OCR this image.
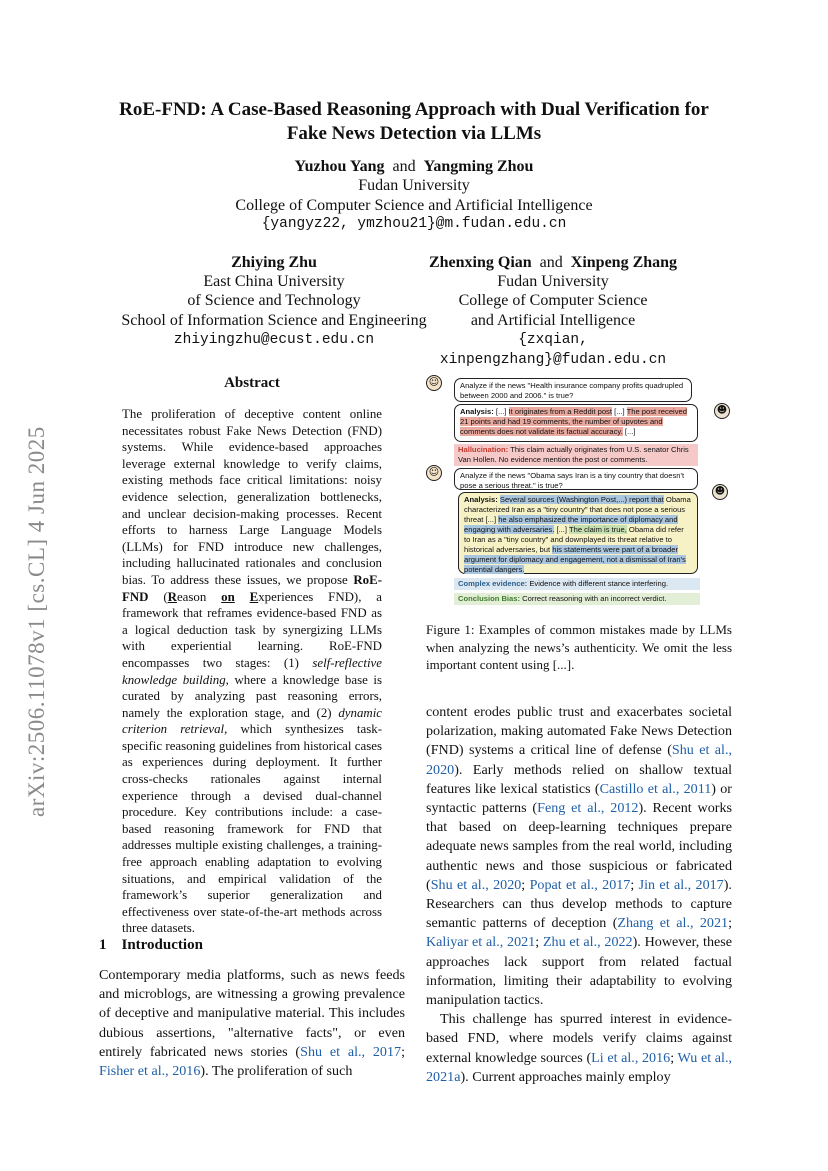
arXiv:2506.11078v1 [cs.CL] 4 Jun 2025
RoE-FND: A Case-Based Reasoning Approach with Dual Verification for
Fake News Detection via LLMs
Yuzhou Yang and Yangming Zhou
Fudan University
College of Computer Science and Artificial Intelligence
{yangyz22, ymzhou21}@m.fudan.edu.cn
Zhiying Zhu
East China University
of Science and Technology
School of Information Science and Engineering
zhiyingzhu@ecust.edu.cn
Zhenxing Qian and Xinpeng Zhang
Fudan University
College of Computer Science
and Artificial Intelligence
{zxqian, xinpengzhang}@fudan.edu.cn
Abstract
The proliferation of deceptive content online necessitates robust Fake News Detection (FND) systems. While evidence-based approaches leverage external knowledge to verify claims, existing methods face critical limitations: noisy evidence selection, generalization bottlenecks, and unclear decision-making processes. Recent efforts to harness Large Language Models (LLMs) for FND introduce new challenges, including hallucinated rationales and conclusion bias. To address these issues, we propose RoE-FND (Reason on Experiences FND), a framework that reframes evidence-based FND as a logical deduction task by synergizing LLMs with experiential learning. RoE-FND encompasses two stages: (1) self-reflective knowledge building, where a knowledge base is curated by analyzing past reasoning errors, namely the exploration stage, and (2) dynamic criterion retrieval, which synthesizes task-specific reasoning guidelines from historical cases as experiences during deployment. It further cross-checks rationales against internal experience through a devised dual-channel procedure. Key contributions include: a case-based reasoning framework for FND that addresses multiple existing challenges, a training-free approach enabling adaptation to evolving situations, and empirical validation of the framework’s superior generalization and effectiveness over state-of-the-art methods across three datasets.
1 Introduction
Contemporary media platforms, such as news feeds and microblogs, are witnessing a growing prevalence of deceptive and manipulative material. This includes dubious assertions, "alternative facts", or even entirely fabricated news stories (Shu et al., 2017; Fisher et al., 2016). The proliferation of such
☺	Analyze if the news "Health insurance company profits quadrupled between 2000 and 2006." is true?
☻
Analysis: [...] It originates from a Reddit post [...] The post received 21 points and had 19 comments, the number of upvotes and comments does not validate its factual accuracy. [...]
Hallucination: This claim actually originates from U.S. senator Chris Van Hollen. No evidence mention the post or comments.
☺	Analyze if the news "Obama says Iran is a tiny country that doesn't pose a serious threat." is true?
☻
Analysis: Several sources (Washington Post,...) report that Obama characterized Iran as a "tiny country" that does not pose a serious threat [...] he also emphasized the importance of diplomacy and engaging with adversaries. [...] The claim is true, Obama did refer to Iran as a "tiny country" and downplayed its threat relative to historical adversaries, but his statements were part of a broader argument for diplomacy and engagement, not a dismissal of Iran's potential dangers.
Complex evidence: Evidence with different stance interfering.
Conclusion Bias: Correct reasoning with an incorrect verdict.
Figure 1: Examples of common mistakes made by LLMs when analyzing the news’s authenticity. We omit the less important content using [...].
content erodes public trust and exacerbates societal polarization, making automated Fake News Detection (FND) systems a critical line of defense (Shu et al., 2020). Early methods relied on shallow textual features like lexical statistics (Castillo et al., 2011) or syntactic patterns (Feng et al., 2012). Recent works that based on deep-learning techniques prepare adequate news samples from the real world, including authentic news and those suspicious or fabricated (Shu et al., 2020; Popat et al., 2017; Jin et al., 2017). Researchers can thus develop methods to capture semantic patterns of deception (Zhang et al., 2021; Kaliyar et al., 2021; Zhu et al., 2022). However, these approaches lack support from related factual information, limiting their adaptability to evolving manipulation tactics.
This challenge has spurred interest in evidence-based FND, where models verify claims against external knowledge sources (Li et al., 2016; Wu et al., 2021a). Current approaches mainly employ
